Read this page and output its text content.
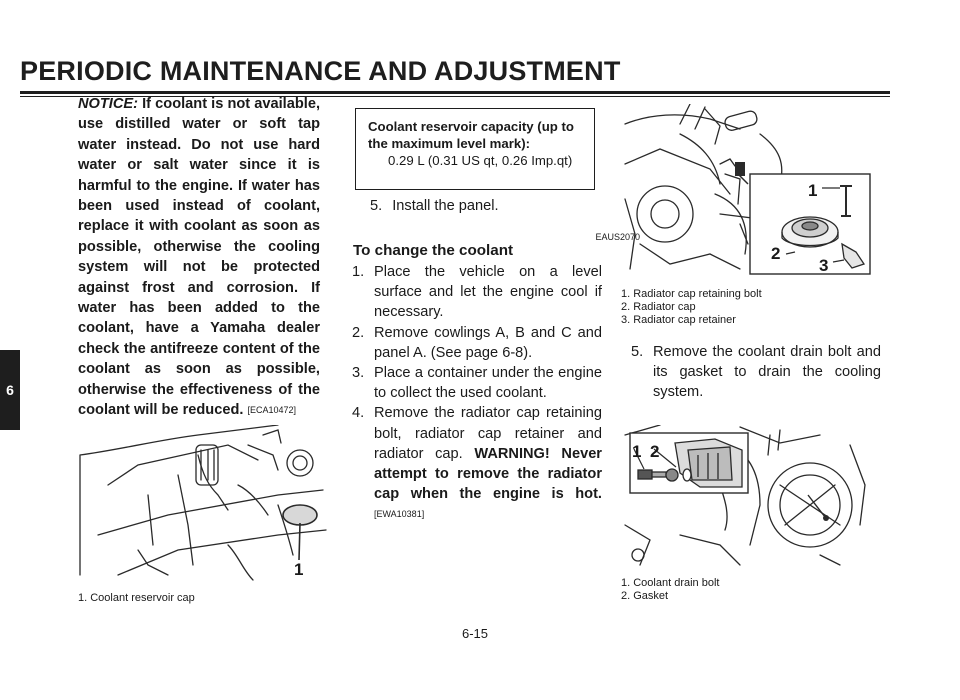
PERIODIC MAINTENANCE AND ADJUSTMENT
6
NOTICE: If coolant is not available, use distilled water or soft tap water instead. Do not use hard water or salt water since it is harmful to the engine. If water has been used instead of coolant, replace it with coolant as soon as possible, otherwise the cooling system will not be protected against frost and corrosion. If water has been added to the coolant, have a Yamaha dealer check the antifreeze content of the coolant as soon as possible, otherwise the effectiveness of the coolant will be reduced. [ECA10472]
1
1. Coolant reservoir cap
Coolant reservoir capacity (up to the maximum level mark):
0.29 L (0.31 US qt, 0.26 Imp.qt)
5. Install the panel.
EAUS2070
To change the coolant
1. Place the vehicle on a level surface and let the engine cool if necessary.
2. Remove cowlings A, B and C and panel A. (See page 6-8).
3. Place a container under the engine to collect the used coolant.
4. Remove the radiator cap retaining bolt, radiator cap retainer and radiator cap. WARNING! Never attempt to remove the radiator cap when the engine is hot. [EWA10381]
1
2
3
1. Radiator cap retaining bolt
2. Radiator cap
3. Radiator cap retainer
5. Remove the coolant drain bolt and its gasket to drain the cooling system.
1 2
1. Coolant drain bolt
2. Gasket
6-15
